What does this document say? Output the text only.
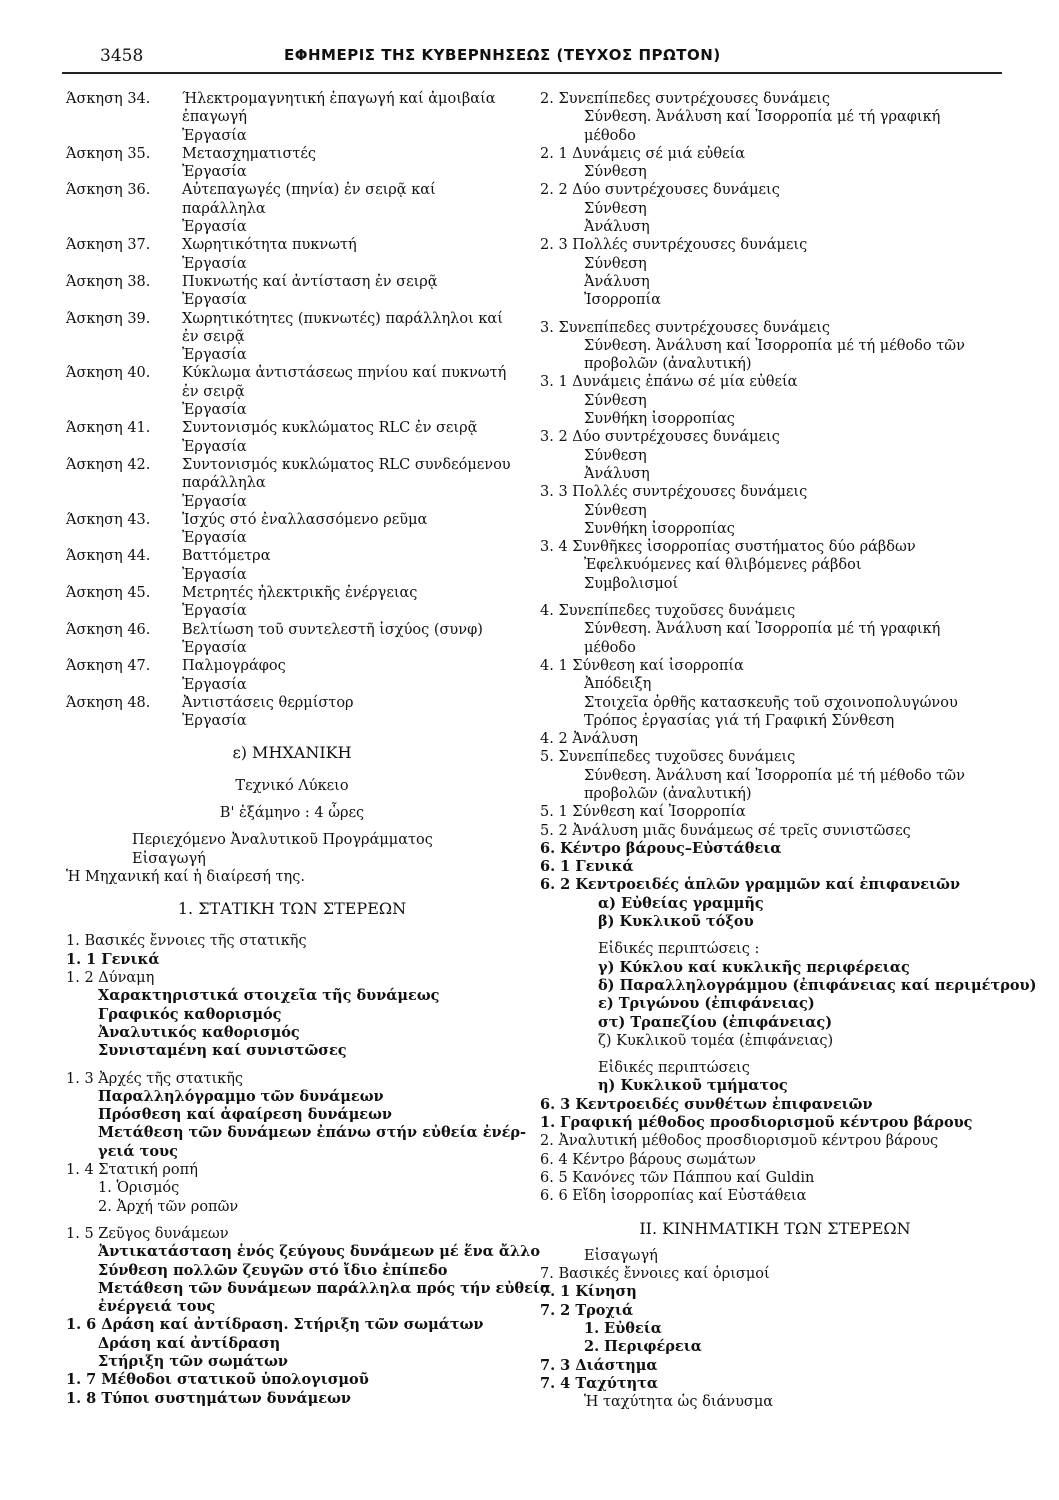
3458	ΕΦΗΜΕΡΙΣ ΤΗΣ ΚΥΒΕΡΝΗΣΕΩΣ (ΤΕΥΧΟΣ ΠΡΩΤΟΝ)
Άσκηση 34.	Ήλεκτρομαγνητική ἐπαγωγή καί ἀμοιβαία ἐπαγωγή
Ἐργασία
Άσκηση 35.	Μετασχηματιστές
Ἐργασία
Άσκηση 36.	Αὐτεπαγωγές (πηνία) ἐν σειρᾷ καί παράλληλα
Ἐργασία
Άσκηση 37.	Χωρητικότητα πυκνωτή
Ἐργασία
Άσκηση 38.	Πυκνωτής καί ἀντίσταση ἐν σειρᾷ
Ἐργασία
Άσκηση 39.	Χωρητικότητες (πυκνωτές) παράλληλοι καί ἐν σειρᾷ
Ἐργασία
Άσκηση 40.	Κύκλωμα ἀντιστάσεως πηνίου καί πυκνωτή ἐν σειρᾷ
Ἐργασία
Άσκηση 41.	Συντονισμός κυκλώματος RLC ἐν σειρᾷ
Ἐργασία
Άσκηση 42.	Συντονισμός κυκλώματος RLC συνδεόμενου παράλληλα
Ἐργασία
Άσκηση 43.	Ἰσχύς στό ἐναλλασσόμενο ρεῦμα
Ἐργασία
Άσκηση 44.	Βαττόμετρα
Ἐργασία
Άσκηση 45.	Μετρητές ἠλεκτρικῆς ἐνέργειας
Ἐργασία
Άσκηση 46.	Βελτίωση τοῦ συντελεστῆ ἰσχύος (συνφ)
Ἐργασία
Άσκηση 47.	Παλμογράφος
Ἐργασία
Άσκηση 48.	Ἀντιστάσεις θερμίστορ
Ἐργασία
ε) ΜΗΧΑΝΙΚΗ
Τεχνικό Λύκειο
Β' ἑξάμηνο : 4 ὧρες
Περιεχόμενο Ἀναλυτικοῦ Προγράμματος
Εἰσαγωγή
Ἡ Μηχανική καί ἡ διαίρεσή της.
1. ΣΤΑΤΙΚΗ ΤΩΝ ΣΤΕΡΕΩΝ
1. Βασικές ἔννοιες τῆς στατικῆς
1. 1 Γενικά
1. 2 Δύναμη
Χαρακτηριστικά στοιχεῖα τῆς δυνάμεως
Γραφικός καθορισμός
Ἀναλυτικός καθορισμός
Συνισταμένη καί συνιστῶσες
1. 3 Ἀρχές τῆς στατικῆς
Παραλληλόγραμμο τῶν δυνάμεων
Πρόσθεση καί ἀφαίρεση δυνάμεων
Μετάθεση τῶν δυνάμεων ἐπάνω στήν εὐθεία ἐνέρ-
γειά τους
1. 4 Στατική ροπή
1. Ὁρισμός
2. Ἀρχή τῶν ροπῶν
1. 5 Ζεῦγος δυνάμεων
Ἀντικατάσταση ἑνός ζεύγους δυνάμεων μέ ἕνα ἄλλο
Σύνθεση πολλῶν ζευγῶν στό ἴδιο ἐπίπεδο
Μετάθεση τῶν δυνάμεων παράλληλα πρός τήν εὐθεία
ἐνέργειά τους
1. 6 Δράση καί ἀντίδραση. Στήριξη τῶν σωμάτων
Δράση καί ἀντίδραση
Στήριξη τῶν σωμάτων
1. 7 Μέθοδοι στατικοῦ ὑπολογισμοῦ
1. 8 Τύποι συστημάτων δυνάμεων
2. Συνεπίπεδες συντρέχουσες δυνάμεις
Σύνθεση. Ἀνάλυση καί Ἰσορροπία μέ τή γραφική
μέθοδο
2. 1 Δυνάμεις σέ μιά εὐθεία
Σύνθεση
2. 2 Δύο συντρέχουσες δυνάμεις
Σύνθεση
Ἀνάλυση
2. 3 Πολλές συντρέχουσες δυνάμεις
Σύνθεση
Ἀνάλυση
Ἰσορροπία
3. Συνεπίπεδες συντρέχουσες δυνάμεις
Σύνθεση. Ἀνάλυση καί Ἰσορροπία μέ τή μέθοδο τῶν
προβολῶν (ἀναλυτική)
3. 1 Δυνάμεις ἐπάνω σέ μία εὐθεία
Σύνθεση
Συνθήκη ἰσορροπίας
3. 2 Δύο συντρέχουσες δυνάμεις
Σύνθεση
Ἀνάλυση
3. 3 Πολλές συντρέχουσες δυνάμεις
Σύνθεση
Συνθήκη ἰσορροπίας
3. 4 Συνθῆκες ἰσορροπίας συστήματος δύο ράβδων
Ἐφελκυόμενες καί θλιβόμενες ράβδοι
Συμβολισμοί
4. Συνεπίπεδες τυχοῦσες δυνάμεις
Σύνθεση. Ἀνάλυση καί Ἰσορροπία μέ τή γραφική
μέθοδο
4. 1 Σύνθεση καί ἰσορροπία
Ἀπόδειξη
Στοιχεῖα ὀρθῆς κατασκευῆς τοῦ σχοινοπολυγώνου
Τρόπος ἐργασίας γιά τή Γραφική Σύνθεση
4. 2 Ἀνάλυση
5. Συνεπίπεδες τυχοῦσες δυνάμεις
Σύνθεση. Ἀνάλυση καί Ἰσορροπία μέ τή μέθοδο τῶν
προβολῶν (ἀναλυτική)
5. 1 Σύνθεση καί Ἰσορροπία
5. 2 Ἀνάλυση μιᾶς δυνάμεως σέ τρεῖς συνιστῶσες
6. Κέντρο βάρους–Εὐστάθεια
6. 1 Γενικά
6. 2 Κεντροειδές ἁπλῶν γραμμῶν καί ἐπιφανειῶν
α) Εὐθείας γραμμῆς
β) Κυκλικοῦ τόξου
Εἰδικές περιπτώσεις :
γ) Κύκλου καί κυκλικῆς περιφέρειας
δ) Παραλληλογράμμου (ἐπιφάνειας καί περιμέτρου)
ε) Τριγώνου (ἐπιφάνειας)
στ) Τραπεζίου (ἐπιφάνειας)
ζ) Κυκλικοῦ τομέα (ἐπιφάνειας)
Εἰδικές περιπτώσεις
η) Κυκλικοῦ τμήματος
6. 3 Κεντροειδές συνθέτων ἐπιφανειῶν
1. Γραφική μέθοδος προσδιορισμοῦ κέντρου βάρους
2. Ἀναλυτική μέθοδος προσδιορισμοῦ κέντρου βάρους
6. 4 Κέντρο βάρους σωμάτων
6. 5 Κανόνες τῶν Πάππου καί Guldin
6. 6 Εἴδη ἰσορροπίας καί Εὐστάθεια
ΙΙ. ΚΙΝΗΜΑΤΙΚΗ ΤΩΝ ΣΤΕΡΕΩΝ
Εἰσαγωγή
7. Βασικές ἔννοιες καί ὁρισμοί
7. 1 Κίνηση
7. 2 Τροχιά
1. Εὐθεία
2. Περιφέρεια
7. 3 Διάστημα
7. 4 Ταχύτητα
Ἡ ταχύτητα ὡς διάνυσμα
